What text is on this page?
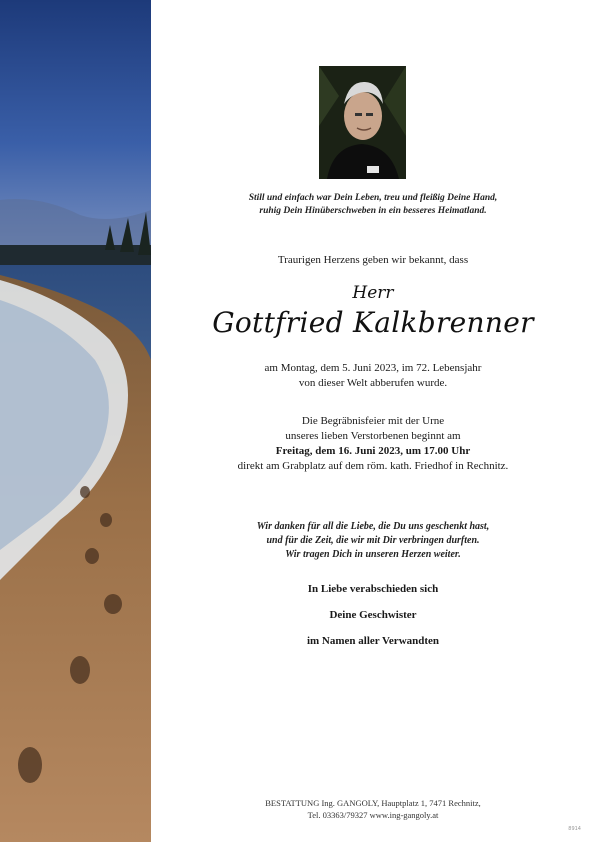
Still und einfach war Dein Leben, treu und fleißig Deine Hand,
ruhig Dein Hinüberschweben in ein besseres Heimatland.
Traurigen Herzens geben wir bekannt, dass
Herr
Gottfried Kalkbrenner
am Montag, dem 5. Juni 2023, im 72. Lebensjahr
von dieser Welt abberufen wurde.
Die Begräbnisfeier mit der Urne
unseres lieben Verstorbenen beginnt am
Freitag, dem 16. Juni 2023, um 17.00 Uhr
direkt am Grabplatz auf dem röm. kath. Friedhof in Rechnitz.
Wir danken für all die Liebe, die Du uns geschenkt hast,
und für die Zeit, die wir mit Dir verbringen durften.
Wir tragen Dich in unseren Herzen weiter.
In Liebe verabschieden sich
Deine Geschwister
im Namen aller Verwandten
BESTATTUNG Ing. GANGOLY, Hauptplatz 1, 7471 Rechnitz,
Tel. 03363/79327 www.ing-gangoly.at
8914
